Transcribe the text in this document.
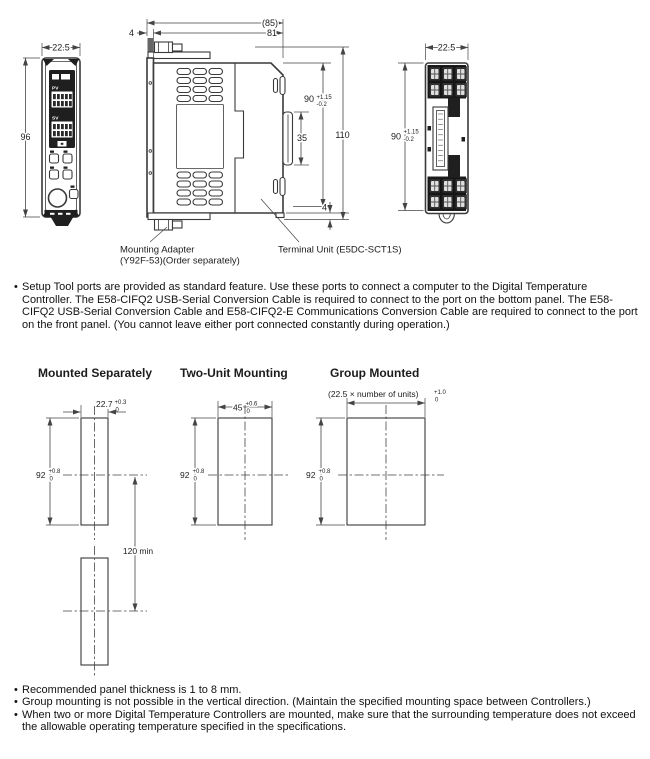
22.5
PV
SV
96
(85)
81
4
90 +1.15
-0.2
35	110
4
Mounting Adapter
(Y92F-53)(Order separately)
Terminal Unit (E5DC-SCT1S)
22.5
90 +1.15
-0.2
• Setup Tool ports are provided as standard feature. Use these ports to connect a computer to the Digital Temperature Controller. The E58-CIFQ2 USB-Serial Conversion Cable is required to connect to the port on the bottom panel. The E58-CIFQ2 USB-Serial Conversion Cable and E58-CIFQ2-E Communications Conversion Cable are required to connect to the port on the front panel. (You cannot leave either port connected constantly during operation.)
Mounted Separately Two-Unit Mounting	Group Mounted
22.7 +0.3
0
92 +0.8
0
120 min
45 +0.6
0
92 +0.8
0
(22.5 × number of units)	+1.0
0
92 +0.8
0
• Recommended panel thickness is 1 to 8 mm.
• Group mounting is not possible in the vertical direction. (Maintain the specified mounting space between Controllers.)
• When two or more Digital Temperature Controllers are mounted, make sure that the surrounding temperature does not exceed the allowable operating temperature specified in the specifications.
